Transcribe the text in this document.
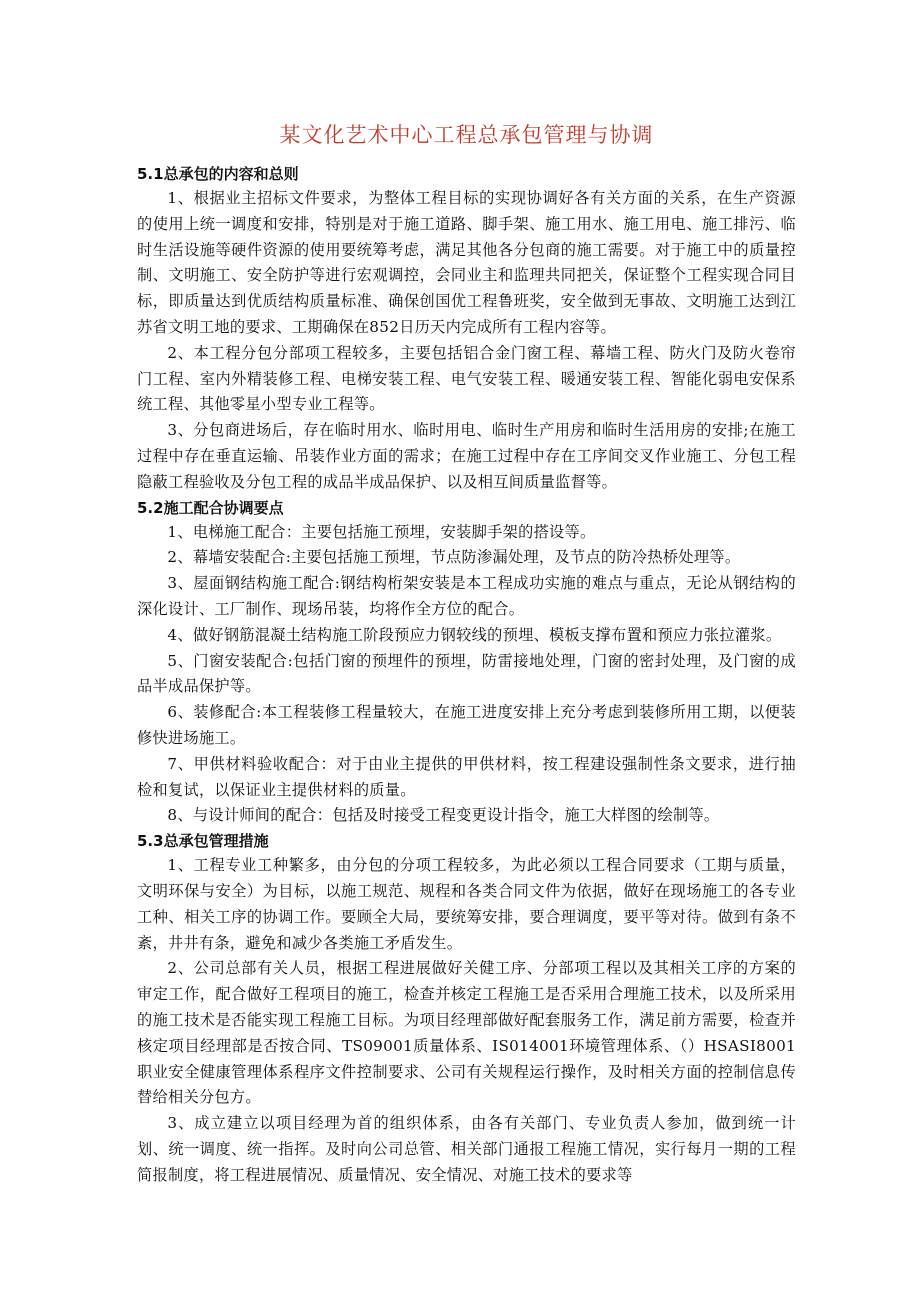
某文化艺术中心工程总承包管理与协调

5.1总承包的内容和总则

1、根据业主招标文件要求，为整体工程目标的实现协调好各有关方面的关系，在生产资源的使用上统一调度和安排，特别是对于施工道路、脚手架、施工用水、施工用电、施工排污、临时生活设施等硬件资源的使用要统筹考虑，满足其他各分包商的施工需要。对于施工中的质量控制、文明施工、安全防护等进行宏观调控，会同业主和监理共同把关，保证整个工程实现合同目标，即质量达到优质结构质量标准、确保创国优工程鲁班奖，安全做到无事故、文明施工达到江苏省文明工地的要求、工期确保在852日历天内完成所有工程内容等。

2、本工程分包分部项工程较多，主要包括铝合金门窗工程、幕墙工程、防火门及防火卷帘门工程、室内外精装修工程、电梯安装工程、电气安装工程、暖通安装工程、智能化弱电安保系统工程、其他零星小型专业工程等。

3、分包商进场后，存在临时用水、临时用电、临时生产用房和临时生活用房的安排;在施工过程中存在垂直运输、吊装作业方面的需求；在施工过程中存在工序间交叉作业施工、分包工程隐蔽工程验收及分包工程的成品半成品保护、以及相互间质量监督等。

5.2施工配合协调要点

1、电梯施工配合：主要包括施工预埋，安装脚手架的搭设等。

2、幕墙安装配合:主要包括施工预埋，节点防渗漏处理，及节点的防冷热桥处理等。

3、屋面钢结构施工配合:钢结构桁架安装是本工程成功实施的难点与重点，无论从钢结构的深化设计、工厂制作、现场吊装，均将作全方位的配合。

4、做好钢筋混凝土结构施工阶段预应力钢较线的预埋、模板支撑布置和预应力张拉灌浆。

5、门窗安装配合:包括门窗的预埋件的预埋，防雷接地处理，门窗的密封处理，及门窗的成品半成品保护等。

6、装修配合:本工程装修工程量较大，在施工进度安排上充分考虑到装修所用工期，以便装修快进场施工。

7、甲供材料验收配合：对于由业主提供的甲供材料，按工程建设强制性条文要求，进行抽检和复试，以保证业主提供材料的质量。

8、与设计师间的配合：包括及时接受工程变更设计指令，施工大样图的绘制等。

5.3总承包管理措施

1、工程专业工种繁多，由分包的分项工程较多，为此必须以工程合同要求（工期与质量，文明环保与安全）为目标，以施工规范、规程和各类合同文件为依据，做好在现场施工的各专业工种、相关工序的协调工作。要顾全大局，要统筹安排，要合理调度，要平等对待。做到有条不紊，井井有条，避免和减少各类施工矛盾发生。

2、公司总部有关人员，根据工程进展做好关健工序、分部项工程以及其相关工序的方案的审定工作，配合做好工程项目的施工，检查并核定工程施工是否采用合理施工技术，以及所采用的施工技术是否能实现工程施工目标。为项目经理部做好配套服务工作，满足前方需要，检查并核定项目经理部是否按合同、TS09001质量体系、IS014001环境管理体系、（）HSASI8001职业安全健康管理体系程序文件控制要求、公司有关规程运行操作，及时相关方面的控制信息传替给相关分包方。

3、成立建立以项目经理为首的组织体系，由各有关部门、专业负责人参加，做到统一计划、统一调度、统一指挥。及时向公司总管、相关部门通报工程施工情况，实行每月一期的工程简报制度，将工程进展情况、质量情况、安全情况、对施工技术的要求等
